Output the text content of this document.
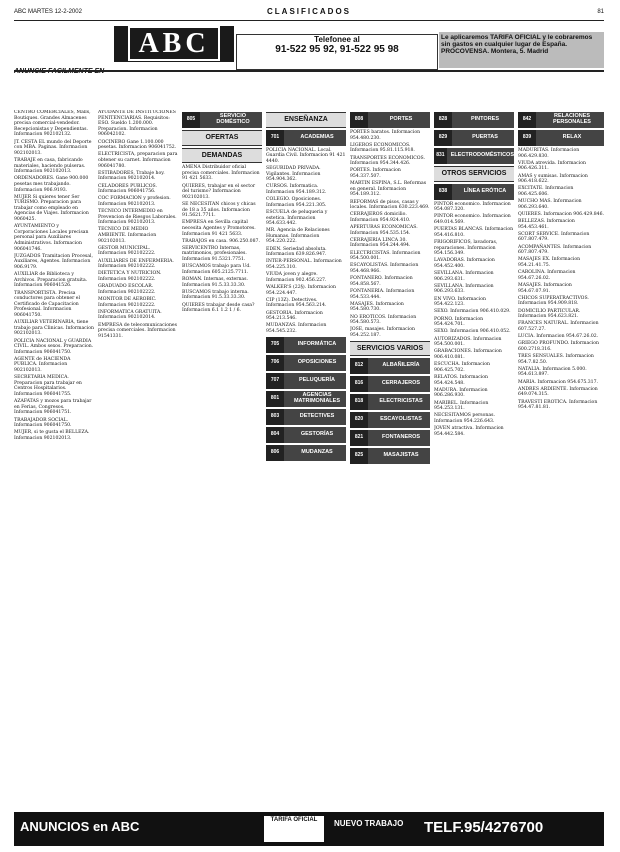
ABC MARTES 12-2-2002	CLASIFICADOS	81
ABC	Telefonee al
91-522 95 92, 91-522 95 98
Le aplicaremos TARIFA OFICIAL y le cobraremos sin gastos en cualquier lugar de España. PROCOVENSA. Montera, 5. Madrid
ANUNCIE FACILMENTE EN

CENTRO COMERCIALES, Malls, Boutiques. Grandes Almacenes precisa comercial-vendedor. Recepcionistas y Dependientas. Informacion 902102132.

JT. CESTA EL mundo del Deporte con MBA. Paginas. Informacion 902102013.

TRABAJE en casa, fabricando materiales, haciendo pulseras. Informacion 902102013.

ORDENADORES. Gane 900.000 pesetas mes trabajando. Informacion 906.9193.

MUJER Si quieres tener Ser TURISMO. Preparacion para trabajar como empleado en Agencias de Viajes. Informacion 9060425.

AYUNTAMIENTO y Corporaciones Locales precisan personal para Auxiliares Administrativos. Informacion 906041746.

JUZGADOS Tramitacion Procesal, Auxiliares, Agentes. Informacion 906.9179.

AUXILIAR de Biblioteca y Archivos. Preparacion gratuita. Informacion 906041526.

TRANSPORTISTA. Precisa conductores para obtener el Certificado de Capacitacion Profesional. Informacion 906041750.

AUXILIAR VETERINARIA, tiene trabajo para Clinicas. Informacion 902102013.

POLICIA NACIONAL y GUARDIA CIVIL. Ambos sexos. Preparacion. Informacion 906041750.

AGENTE de HACIENDA PUBLICA. Informacion 902102013.

SECRETARIA MEDICA. Preparacion para trabajar en Centros Hospitalarios. Informacion 906041755.

AZAFATAS y mozos para trabajar en Ferias, Congresos. Informacion 906041751.

TRABAJADOR SOCIAL. Informacion 906041750.

MUJER, si te gusta el BELLEZA. Informacion 902102013.

AYUDANTE DE INSTITUCIONES PENITENCIARIAS. Requisitos: ESO. Sueldo 1.200.000. Preparacion. Informacion 906042102.

COCINERO Gane 1.100.000 pesetas. Informacion 906041752.

ELECTRICISTA, preparacion para obtener su carnet. Informacion 906041780.

ESTIBADORES, Trabaje hoy. Informacion 902102014.

CELADORES PUBLICOS. Informacion 906041756.

COC FORMACION y profesion. Informacion 902102013.

TECNICO INTERMEDIO en Prevencion de Riesgos Laborales. Informacion 902102013.

TECNICO DE MEDIO AMBIENTE. Informacion 902102013.

GESTOR MUNICIPAL. Informacion 902102222.

AUXILIARES DE ENFERMERIA. Informacion 902102222.

DIETETICA Y NUTRICION. Informacion 902102222.

GRADUADO ESCOLAR. Informacion 902102222.

MONITOR DE AEROBIC. Informacion 902102222.

INFORMATICA GRATUITA. Informacion 902102014.

EMPRESA de telecomunicaciones precisa comerciales. Informacion 91541331.

805	SERVICIO DOMÉSTICO
OFERTAS
DEMANDAS

AMENA Distribuidor oficial precisa comerciales. Informacion 91 421 5633.

QUIERES, trabajar en el sector del turismo? Informacion 902102013.

SE NECESITAN chicos y chicas de 18 a 35 años. Informacion 91.5621.7711.

EMPRESA en Sevilla capital necesita Agentes y Promotores. Informacion 91 421 5633.

TRABAJOS en casa. 906.250.087.

SERVICENTRO Internas, matrimonios, profesionales. Informacion 91.5321.7751.

BUSCAMOS trabajo para Ud. Informacion 605.2125.7711.

ROMAN. Internas, externas. Informacion 91.5.33.33.30.

BUSCAMOS trabajo interna. Informacion 91.5.33.33.30.

QUIERES trabajar desde casa? Informacion 6.1 1.2 1 / 6.

ENSEÑANZA
701	ACADEMIAS

POLICIA NACIONAL. Local. Guardia Civil. Informacion 91 421 4440.

SEGURIDAD PRIVADA. Vigilantes. Informacion 954.904.362.

CURSOS. Informatica. Informacion 954.189.312.

COLEGIO. Oposiciones. Informacion 954.221.305.

ESCUELA de peluqueria y estetica. Informacion 954.633.442.

MR. Agencia de Relaciones Humanas. Informacion 954.220.222.

EDEN. Seriedad absoluta. Informacion 639.826.947.

INTER-PERSONAL. Informacion 954.225.310.

VIUDA joven y alegre. Informacion 902.456.227.

WALKER'S (22§). Informacion 954.224.447.

CIP (13Z). Detectives. Informacion 954.563.214.

GESTORIA. Informacion 954.213.546.

MUDANZAS. Informacion 954.545.232.

705	INFORMÁTICA
706	OPOSICIONES
707	PELUQUERÍA
801	AGENCIAS MATRIMONIALES
803	DETECTIVES
804	GESTORÍAS
806	MUDANZAS
808	PORTES

PORTES baratos. Informacion 954.480.230.

LIGEROS ECONOMICOS. Informacion 95.81.115.918.

TRANSPORTES ECONOMICOS. Informacion 954.344.426.

PORTES. Informacion 954.337.507.

MARTIN ESPINA, S.L. Reformas en general. Informacion 954.189.312.

REFORMAS de pisos, casas y locales. Informacion 630.223.469.

CERRAJEROS domicilio. Informacion 954.924.410.

APERTURAS ECONOMICAS. Informacion 954.535.154.

CERRAJERIA LINCA 30. Informacion 954.244.494.

ELECTRICISTAS. Informacion 954.500.001.

ESCAYOLISTAS. Informacion 954.468.966.

FONTANERO. Informacion 954.858.567.

FONTANERIA. Informacion 954.533.444.

MASAJES. Informacion 954.580.730.

NO EROTICOS. Informacion 954.580.573.

JOSE, masajes. Informacion 954.252.187.

SERVICIOS VARIOS
812	ALBAÑILERÍA
816	CERRAJEROS
818	ELECTRICISTAS
820	ESCAYOLISTAS
821	FONTANEROS
825	MASAJISTAS
828	PINTORES
829	PUERTAS
831	ELECTRODOMÉSTICOS
OTROS SERVICIOS
838	LÍNEA ERÓTICA

PINTOR economico. Informacion 954.087.320.

PINTOR economico. Informacion 649.014.569.

PUERTAS BLANCAS. Informacion 954.416.810.

FRIGORIFICOS, lavadoras, reparaciones. Informacion 954.156.349.

LAVADORAS. Informacion 954.452.400.

SEVILLANA. Informacion 906.293.631.

SEVILLANA. Informacion 906.293.633.

EN VIVO. Informacion 954.422.123.

SEXO. Informacion 906.410.029.

PORNO. Informacion 954.424.701.

SEXO. Informacion 906.410.052.

AUTORIZADOS. Informacion 954.500.001.

GRABACIONES. Informacion 906.410.081.

ESCUCHA. Informacion 906.425.702.

RELATOS. Informacion 954.424.548.

MADURA. Informacion 906.286.930.

MARIBEL. Informacion 954.253.131.

NECESITAMOS personas. Informacion 954.226.643.

JOVEN atractiva. Informacion 954.442.584.

842	RELACIONES PERSONALES
839	RELAX

MADURITAS. Informacion 906.429.830.

VIUDA atrevida. Informacion 906.426.311.

AMAS y sumisas. Informacion 906.418.622.

EXCITATE. Informacion 906.425.606.

MUCHO MAS. Informacion 906.293.640.

QUIERES. Informacion 906.429.846.

BELLEZAS. Informacion 954.453.461.

SCORT SERVICE. Informacion 607.807.479.

ACOMPAÑANTES. Informacion 607.807.479.

MASAJES EX. Informacion 954.21.41.75.

CAROLINA. Informacion 954.67.26.02.

MASAJES. Informacion 954.67.07.91.

CHICOS SUPERATRACTIVOS. Informacion 954.909.818.

DOMICILIO PARTICULAR. Informacion 954.623.821.

FRANCES NATURAL. Informacion 607.527.27.

LUCIA. Informacion 954.67.26.02.

GRIEGO PROFUNDO. Informacion 600.2718.316.

TRES SENSUALES. Informacion 954.7.82.50.

NATALIA. Informacion 5.000. 954.613.897.

MARIA. Informacion 954.675.317.

ANDRES ARDIENTE. Informacion 649.074.315.

TRAVESTI EROTICA. Informacion 954.47.81.81.

ANUNCIOS en ABC	TARIFA OFICIAL	NUEVO TRABAJO TELF.95/4276700
